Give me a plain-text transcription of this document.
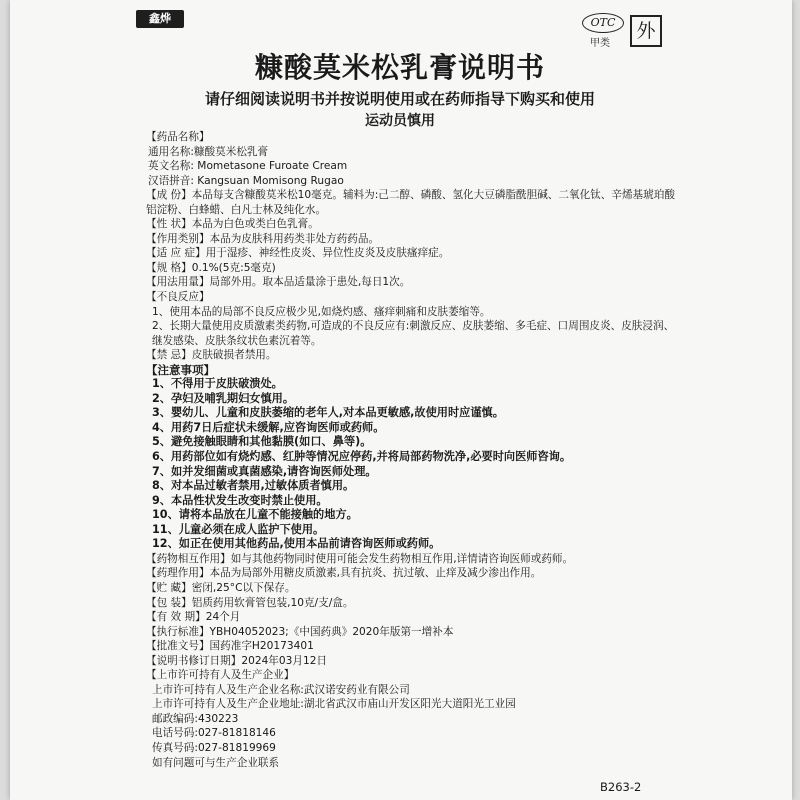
鑫烨	OTC
甲类
外
糠酸莫米松乳膏说明书
请仔细阅读说明书并按说明使用或在药师指导下购买和使用
运动员慎用
【药品名称】
通用名称:糠酸莫米松乳膏
英文名称: Mometasone Furoate Cream
汉语拼音: Kangsuan Momisong Rugao
【成 份】本品每支含糠酸莫米松10毫克。辅料为:己二醇、磷酸、氢化大豆磷脂酰胆碱、二氧化钛、辛烯基琥珀酸铝淀粉、白蜂蜡、白凡士林及纯化水。
【性 状】本品为白色或类白色乳膏。
【作用类别】本品为皮肤科用药类非处方药药品。
【适 应 症】用于湿疹、神经性皮炎、异位性皮炎及皮肤瘙痒症。
【规 格】0.1%(5克:5毫克)
【用法用量】局部外用。取本品适量涂于患处,每日1次。
【不良反应】
1、使用本品的局部不良反应极少见,如烧灼感、瘙痒刺痛和皮肤萎缩等。
2、长期大量使用皮质激素类药物,可造成的不良反应有:刺激反应、皮肤萎缩、多毛症、口周围皮炎、皮肤浸润、继发感染、皮肤条纹状色素沉着等。
【禁 忌】皮肤破损者禁用。
【注意事项】
1、不得用于皮肤破溃处。
2、孕妇及哺乳期妇女慎用。
3、婴幼儿、儿童和皮肤萎缩的老年人,对本品更敏感,故使用时应谨慎。
4、用药7日后症状未缓解,应咨询医师或药师。
5、避免接触眼睛和其他黏膜(如口、鼻等)。
6、用药部位如有烧灼感、红肿等情况应停药,并将局部药物洗净,必要时向医师咨询。
7、如并发细菌或真菌感染,请咨询医师处理。
8、对本品过敏者禁用,过敏体质者慎用。
9、本品性状发生改变时禁止使用。
10、请将本品放在儿童不能接触的地方。
11、儿童必须在成人监护下使用。
12、如正在使用其他药品,使用本品前请咨询医师或药师。
【药物相互作用】如与其他药物同时使用可能会发生药物相互作用,详情请咨询医师或药师。
【药理作用】本品为局部外用糖皮质激素,具有抗炎、抗过敏、止痒及减少渗出作用。
【贮 藏】密闭,25°C以下保存。
【包 装】铝质药用软膏管包装,10克/支/盒。
【有 效 期】24个月
【执行标准】YBH04052023;《中国药典》2020年版第一增补本
【批准文号】国药准字H20173401
【说明书修订日期】2024年03月12日
【上市许可持有人及生产企业】
上市许可持有人及生产企业名称:武汉诺安药业有限公司
上市许可持有人及生产企业地址:湖北省武汉市庙山开发区阳光大道阳光工业园
邮政编码:430223
电话号码:027-81818146
传真号码:027-81819969
如有问题可与生产企业联系
B263-2
